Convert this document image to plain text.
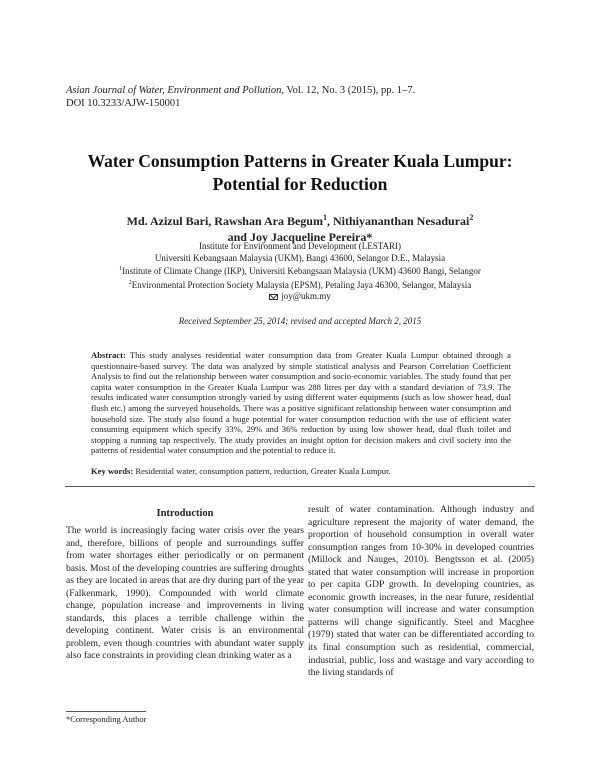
Asian Journal of Water, Environment and Pollution, Vol. 12, No. 3 (2015), pp. 1–7.
DOI 10.3233/AJW-150001
Water Consumption Patterns in Greater Kuala Lumpur:
Potential for Reduction
Md. Azizul Bari, Rawshan Ara Begum$^1$, Nithiyananthan Nesadurai$^2$
and Joy Jacqueline Pereira*
Institute for Environment and Development (LESTARI)
Universiti Kebangsaan Malaysia (UKM), Bangi 43600, Selangor D.E., Malaysia
$^1$Institute of Climate Change (IKP), Universiti Kebangsaan Malaysia (UKM) 43600 Bangi, Selangor
$^2$Environmental Protection Society Malaysia (EPSM), Petaling Jaya 46300, Selangor, Malaysia
joy@ukm.my
Received September 25, 2014; revised and accepted March 2, 2015
Abstract: This study analyses residential water consumption data from Greater Kuala Lumpur obtained through a questionnaire-based survey. The data was analyzed by simple statistical analysis and Pearson Correlation Coefficient Analysis to find out the relationship between water consumption and socio-economic variables. The study found that per capita water consumption in the Greater Kuala Lumpur was 288 litres per day with a standard deviation of 73.9. The results indicated water consumption strongly varied by using different water equipments (such as low shower head, dual flush etc.) among the surveyed households. There was a positive significant relationship between water consumption and household size. The study also found a huge potential for water consumption reduction with the use of efficient water consuming equipment which specify 33%, 29% and 36% reduction by using low shower head, dual flush toilet and stopping a running tap respectively. The study provides an insight option for decision makers and civil society into the patterns of residential water consumption and the potential to reduce it.
Key words: Residential water, consumption pattern, reduction, Greater Kuala Lumpur.
Introduction
The world is increasingly facing water crisis over the years and, therefore, billions of people and surroundings suffer from water shortages either periodically or on permanent basis. Most of the developing countries are suffering droughts as they are located in areas that are dry during part of the year (Falkenmark, 1990). Compounded with world climate change, population increase and improvements in living standards, this places a terrible challenge within the developing continent. Water crisis is an environmental problem, even though countries with abundant water supply also face constraints in providing clean drinking water as a
result of water contamination. Although industry and agriculture represent the majority of water demand, the proportion of household consumption in overall water consumption ranges from 10-30% in developed countries (Millock and Nauges, 2010). Bengtsson et al. (2005) stated that water consumption will increase in proportion to per capita GDP growth. In developing countries, as economic growth increases, in the near future, residential water consumption will increase and water consumption patterns will change significantly. Steel and Macghee (1979) stated that water can be differentiated according to its final consumption such as residential, commercial, industrial, public, loss and wastage and vary according to the living standards of
*Corresponding Author
